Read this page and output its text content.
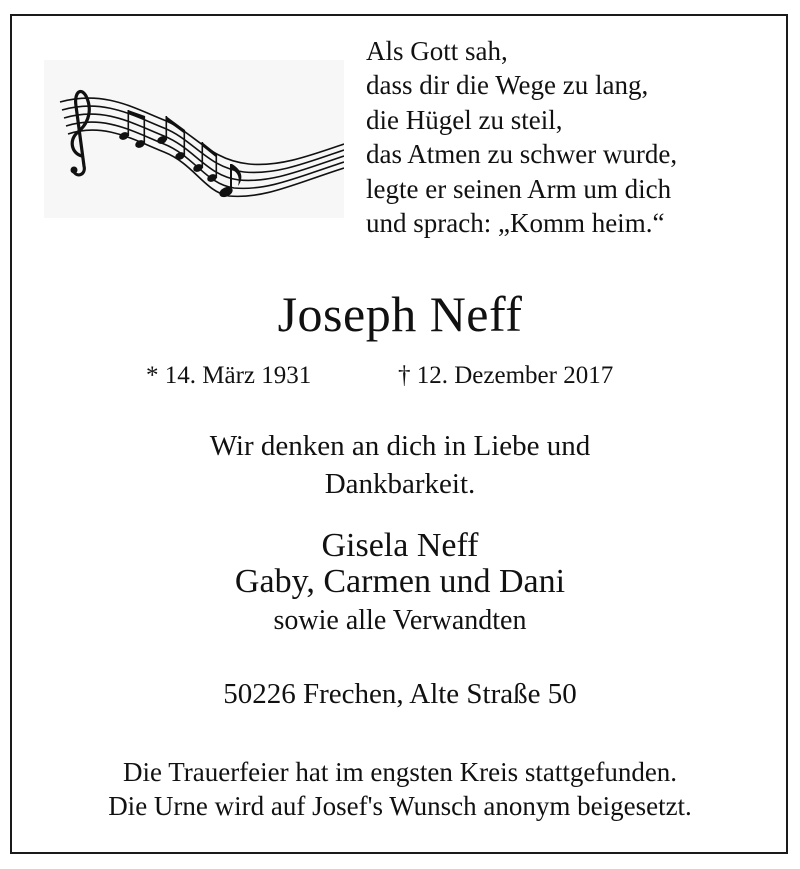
Als Gott sah,
dass dir die Wege zu lang,
die Hügel zu steil,
das Atmen zu schwer wurde,
legte er seinen Arm um dich
und sprach: „Komm heim.“
Joseph Neff
* 14. März 1931	† 12. Dezember 2017
Wir denken an dich in Liebe und
Dankbarkeit.
Gisela Neff
Gaby, Carmen und Dani
sowie alle Verwandten
50226 Frechen, Alte Straße 50
Die Trauerfeier hat im engsten Kreis stattgefunden.
Die Urne wird auf Josef's Wunsch anonym beigesetzt.
